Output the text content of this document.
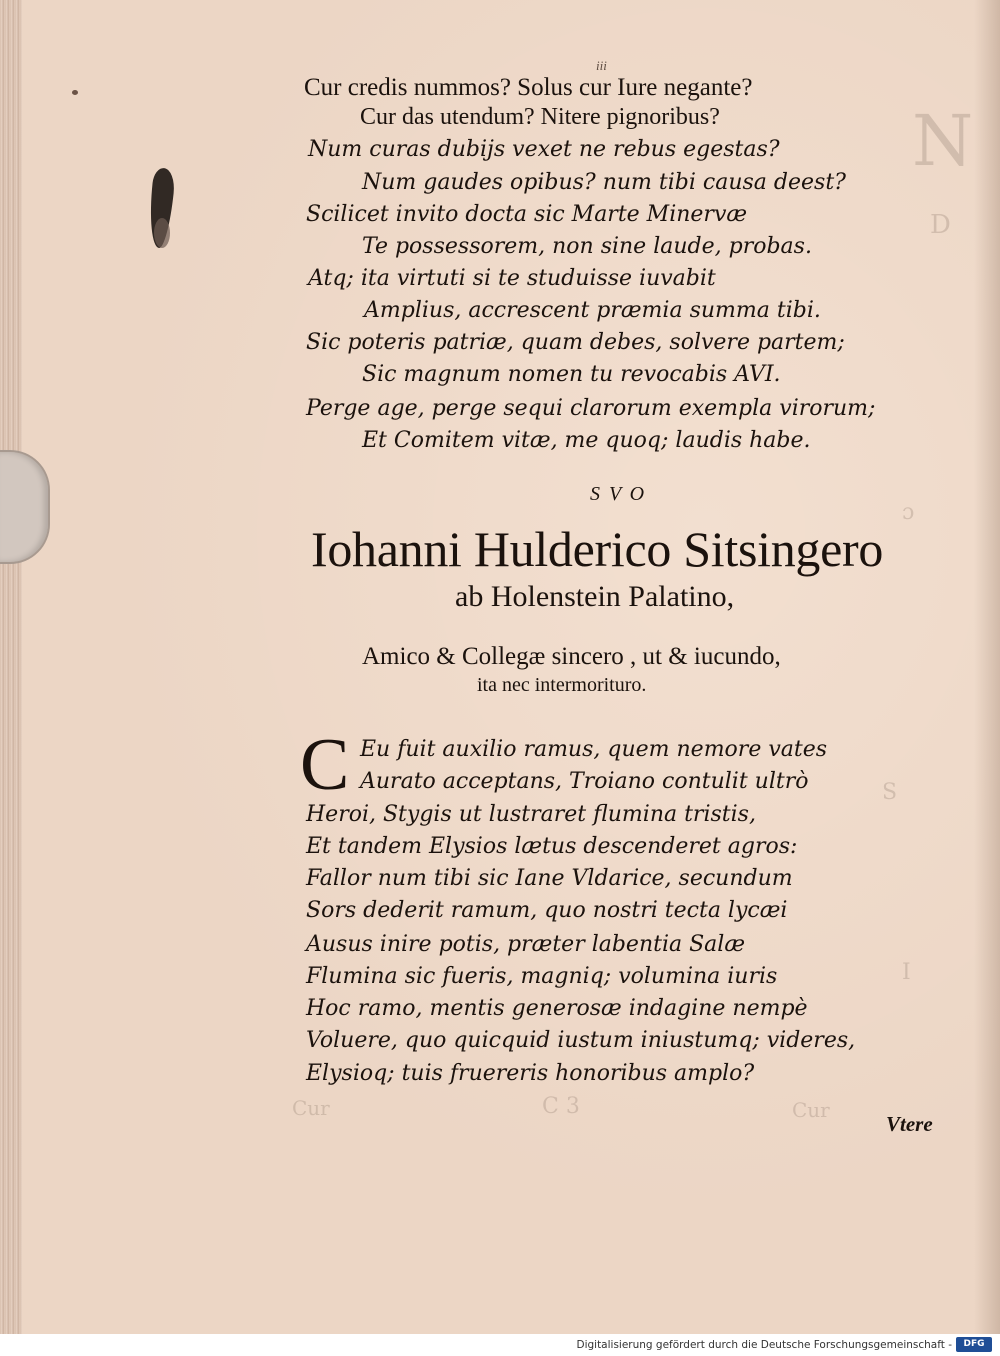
N
D
ɔ
S
I
Cur	C 3	Cur
iii
Cur credis nummos? Solus cur Iure negante?
Cur das utendum? Nitere pignoribus?
Num curas dubijs vexet ne rebus egestas?
Num gaudes opibus? num tibi causa deest?
Scilicet invito docta sic Marte Minervæ
Te possessorem, non sine laude, probas.
Atq; ita virtuti si te studuisse iuvabit
Amplius, accrescent præmia summa tibi.
Sic poteris patriæ, quam debes, solvere partem;
Sic magnum nomen tu revocabis AVI.
Perge age, perge sequi clarorum exempla virorum;
Et Comitem vitæ, me quoq; laudis habe.
SVO
Iohanni Hulderico Sitsingero
ab Holenstein Palatino,
Amico & Collegæ sincero , ut & iucundo,
ita nec intermorituro.
C Eu fuit auxilio ramus, quem nemore vates
Aurato acceptans, Troiano contulit ultrò
Heroi, Stygis ut lustraret flumina tristis,
Et tandem Elysios lætus descenderet agros:
Fallor num tibi sic Iane Vldarice, secundum
Sors dederit ramum, quo nostri tecta lycæi
Ausus inire potis, præter labentia Salæ
Flumina sic fueris, magniq; volumina iuris
Hoc ramo, mentis generosæ indagine nempè
Voluere, quo quicquid iustum iniustumq; videres,
Elysioq; tuis fruereris honoribus amplo?
Vtere
Digitalisierung gefördert durch die Deutsche Forschungsgemeinschaft -	DFG
